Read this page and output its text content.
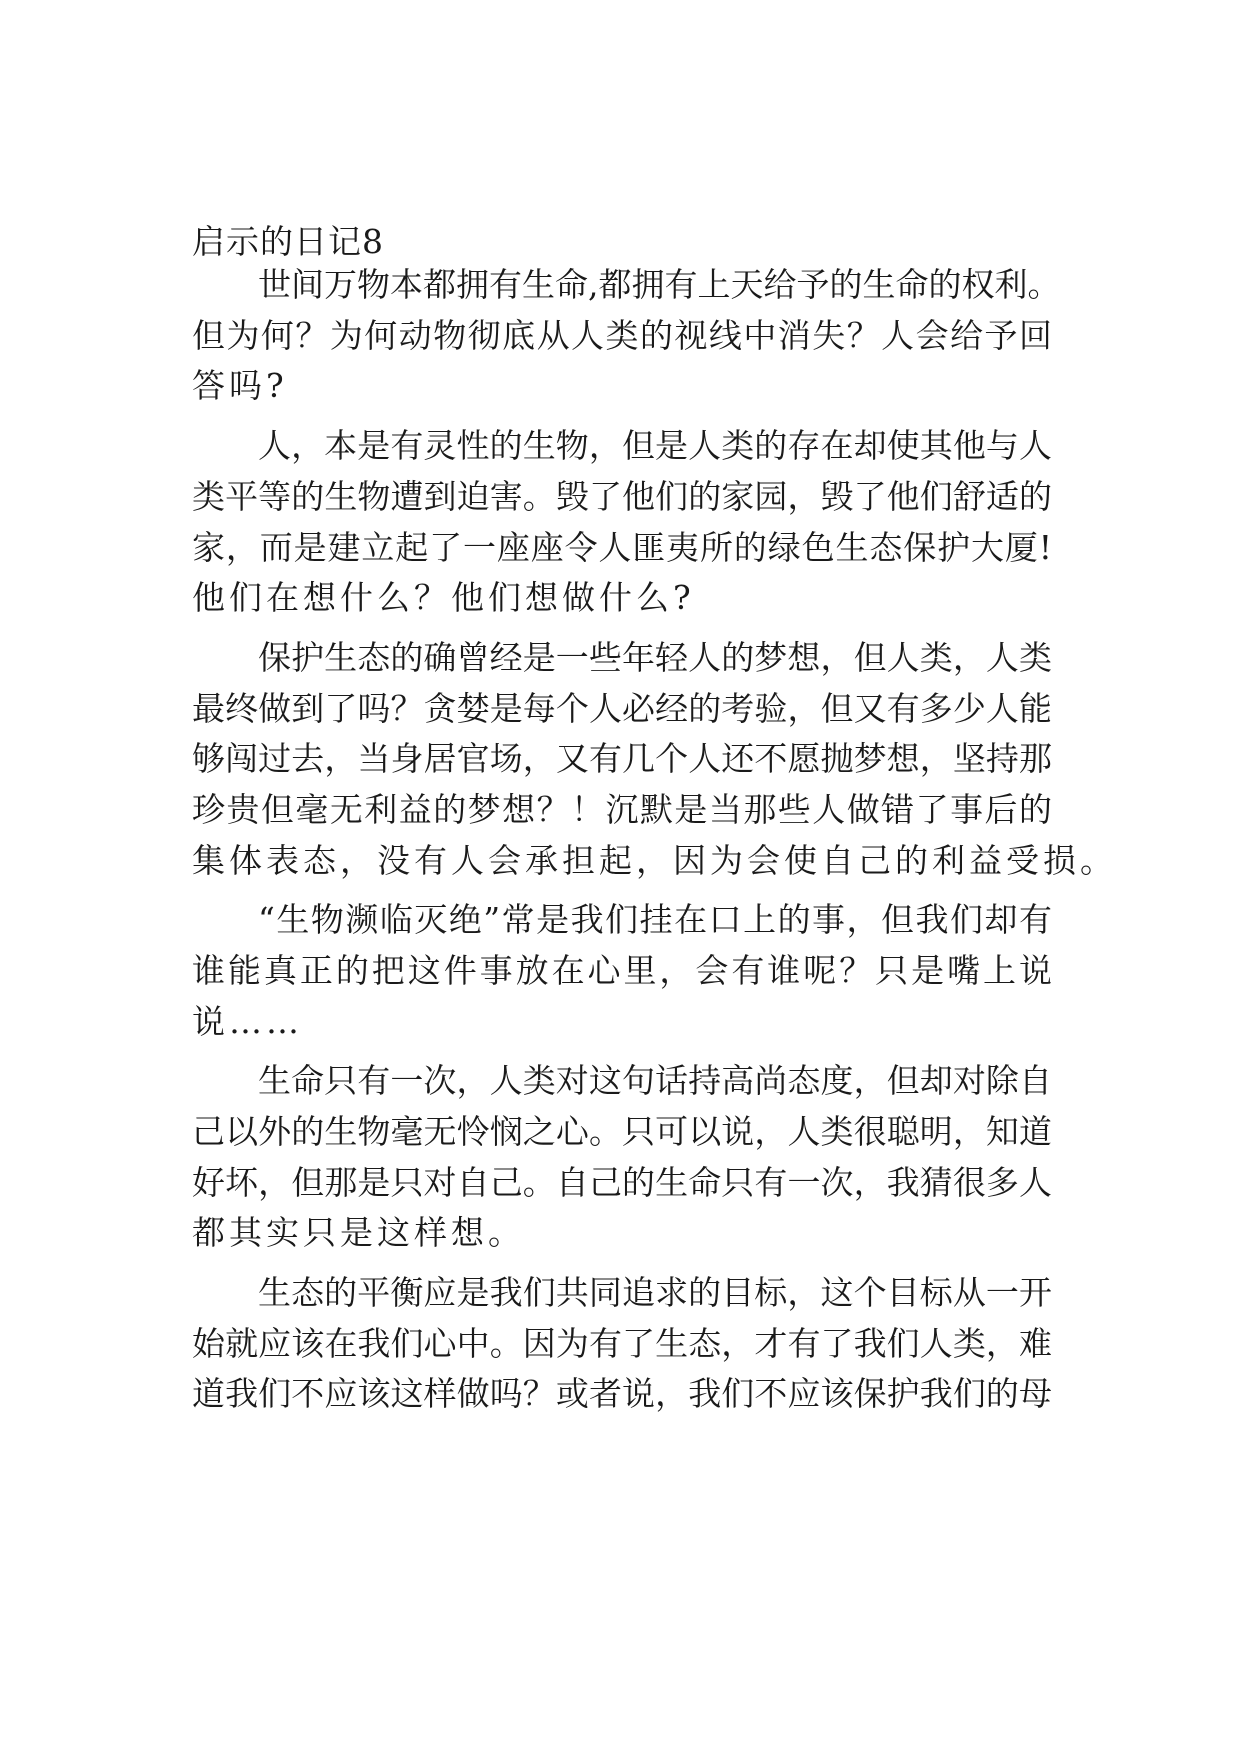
启示的日记8
世间万物本都拥有生命,都拥有上天给予的生命的权利。
但为何？为何动物彻底从人类的视线中消失？人会给予回
答吗?
人，本是有灵性的生物，但是人类的存在却使其他与人
类平等的生物遭到迫害。毁了他们的家园，毁了他们舒适的
家，而是建立起了一座座令人匪夷所的绿色生态保护大厦!
他们在想什么？他们想做什么?
保护生态的确曾经是一些年轻人的梦想，但人类，人类
最终做到了吗？贪婪是每个人必经的考验，但又有多少人能
够闯过去，当身居官场，又有几个人还不愿抛梦想，坚持那
珍贵但毫无利益的梦想？！沉默是当那些人做错了事后的
集体表态，没有人会承担起，因为会使自己的利益受损。
“生物濒临灭绝”常是我们挂在口上的事，但我们却有
谁能真正的把这件事放在心里，会有谁呢？只是嘴上说
说……
生命只有一次，人类对这句话持高尚态度，但却对除自
己以外的生物毫无怜悯之心。只可以说，人类很聪明，知道
好坏，但那是只对自己。自己的生命只有一次，我猜很多人
都其实只是这样想。
生态的平衡应是我们共同追求的目标，这个目标从一开
始就应该在我们心中。因为有了生态，才有了我们人类，难
道我们不应该这样做吗？或者说，我们不应该保护我们的母
